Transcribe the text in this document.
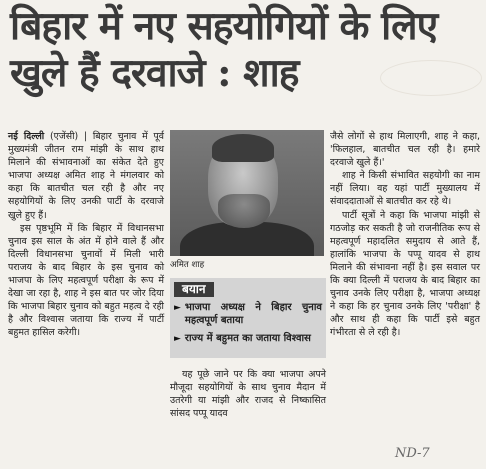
बिहार में नए सहयोगियों के लिए
खुले हैं दरवाजे : शाह

नई दिल्ली (एजेंसी) | बिहार चुनाव में पूर्व मुख्यमंत्री जीतन राम मांझी के साथ हाथ मिलाने की संभावनाओं का संकेत देते हुए भाजपा अध्यक्ष अमित शाह ने मंगलवार को कहा कि बातचीत चल रही है और नए सहयोगियों के लिए उनकी पार्टी के दरवाजे खुले हुए हैं।

इस पृष्ठभूमि में कि बिहार में विधानसभा चुनाव इस साल के अंत में होने वाले हैं और दिल्ली विधानसभा चुनावों में मिली भारी पराजय के बाद बिहार के इस चुनाव को भाजपा के लिए महत्वपूर्ण परीक्षा के रूप में देखा जा रहा है, शाह ने इस बात पर जोर दिया कि भाजपा बिहार चुनाव को बहुत महत्व दे रही है और विश्वास जताया कि राज्य में पार्टी बहुमत हासिल करेगी।

अमित शाह
बयान
► भाजपा अध्यक्ष ने बिहार चुनाव महत्वपूर्ण बताया
► राज्य में बहुमत का जताया विश्वास

यह पूछे जाने पर कि क्या भाजपा अपने मौजूदा सहयोगियों के साथ चुनाव मैदान में उतरेगी या मांझी और राजद से निष्कासित सांसद पप्पू यादव

जैसे लोगों से हाथ मिलाएगी, शाह ने कहा, 'फिलहाल, बातचीत चल रही है। हमारे दरवाजे खुले हैं।'

शाह ने किसी संभावित सहयोगी का नाम नहीं लिया। वह यहां पार्टी मुख्यालय में संवाददाताओं से बातचीत कर रहे थे।

पार्टी सूत्रों ने कहा कि भाजपा मांझी से गठजोड़ कर सकती है जो राजनीतिक रूप से महत्वपूर्ण महादलित समुदाय से आते हैं, हालांकि भाजपा के पप्पू यादव से हाथ मिलाने की संभावना नहीं है। इस सवाल पर कि क्या दिल्ली में पराजय के बाद बिहार का चुनाव उनके लिए परीक्षा है, भाजपा अध्यक्ष ने कहा कि हर चुनाव उनके लिए 'परीक्षा' है और साथ ही कहा कि पार्टी इसे बहुत गंभीरता से ले रही है।

ND-7
